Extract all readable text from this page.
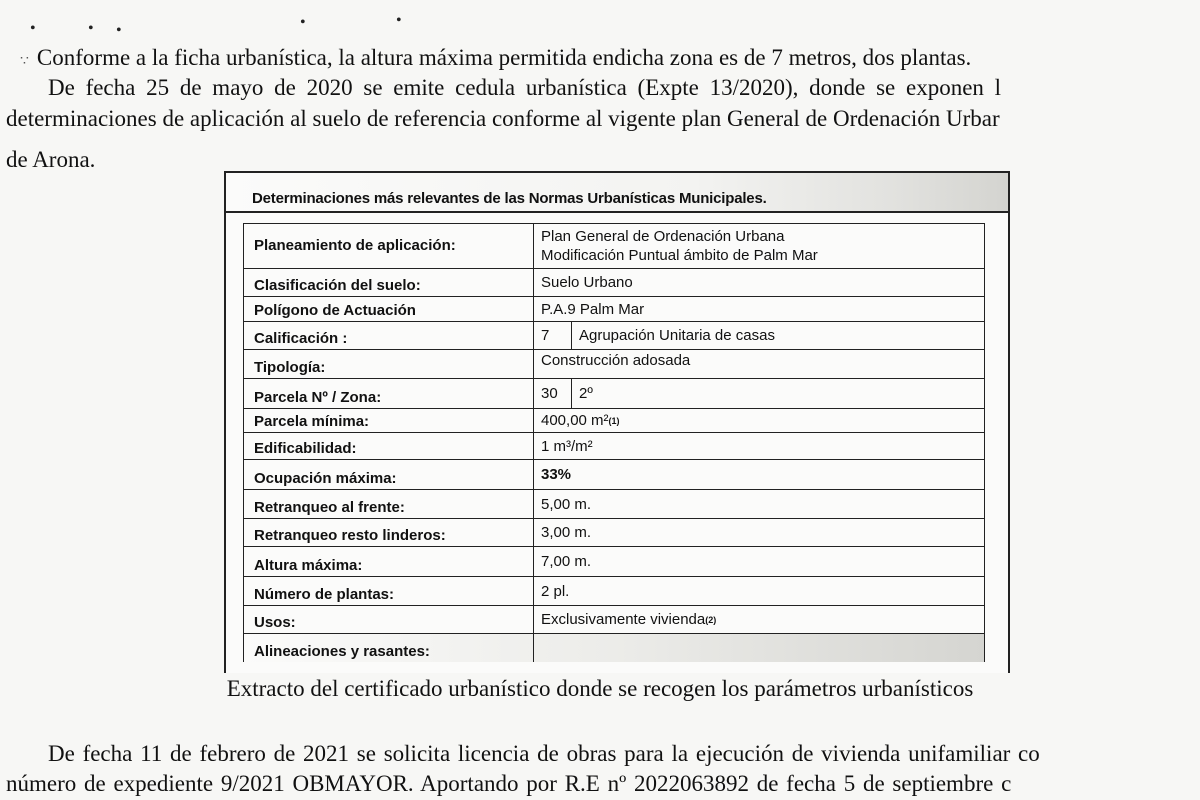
•	• •	•	•
∵ Conforme a la ficha urbanística, la altura máxima permitida endicha zona es de 7 metros, dos plantas.
De fecha 25 de mayo de 2020 se emite cedula urbanística (Expte 13/2020), donde se exponen l
determinaciones de aplicación al suelo de referencia conforme al vigente plan General de Ordenación Urbar
de Arona.
Determinaciones más relevantes de las Normas Urbanísticas Municipales.
Planeamiento de aplicación:	Plan General de Ordenación Urbana
Modificación Puntual ámbito de Palm Mar
Clasificación del suelo:	Suelo Urbano
Polígono de Actuación	P.A.9 Palm Mar
Calificación :	7	Agrupación Unitaria de casas
Tipología:	Construcción adosada
Parcela Nº / Zona:	30	2º
Parcela mínima:	400,00 m² (1)
Edificabilidad:	1 m³/m²
Ocupación máxima:	33%
Retranqueo al frente:	5,00 m.
Retranqueo resto linderos:	3,00 m.
Altura máxima:	7,00 m.
Número de plantas:	2 pl.
Usos:	Exclusivamente vivienda (2)
Alineaciones y rasantes:
Extracto del certificado urbanístico donde se recogen los parámetros urbanísticos
De fecha 11 de febrero de 2021 se solicita licencia de obras para la ejecución de vivienda unifamiliar co
número de expediente 9/2021 OBMAYOR. Aportando por R.E nº 2022063892 de fecha 5 de septiembre c
